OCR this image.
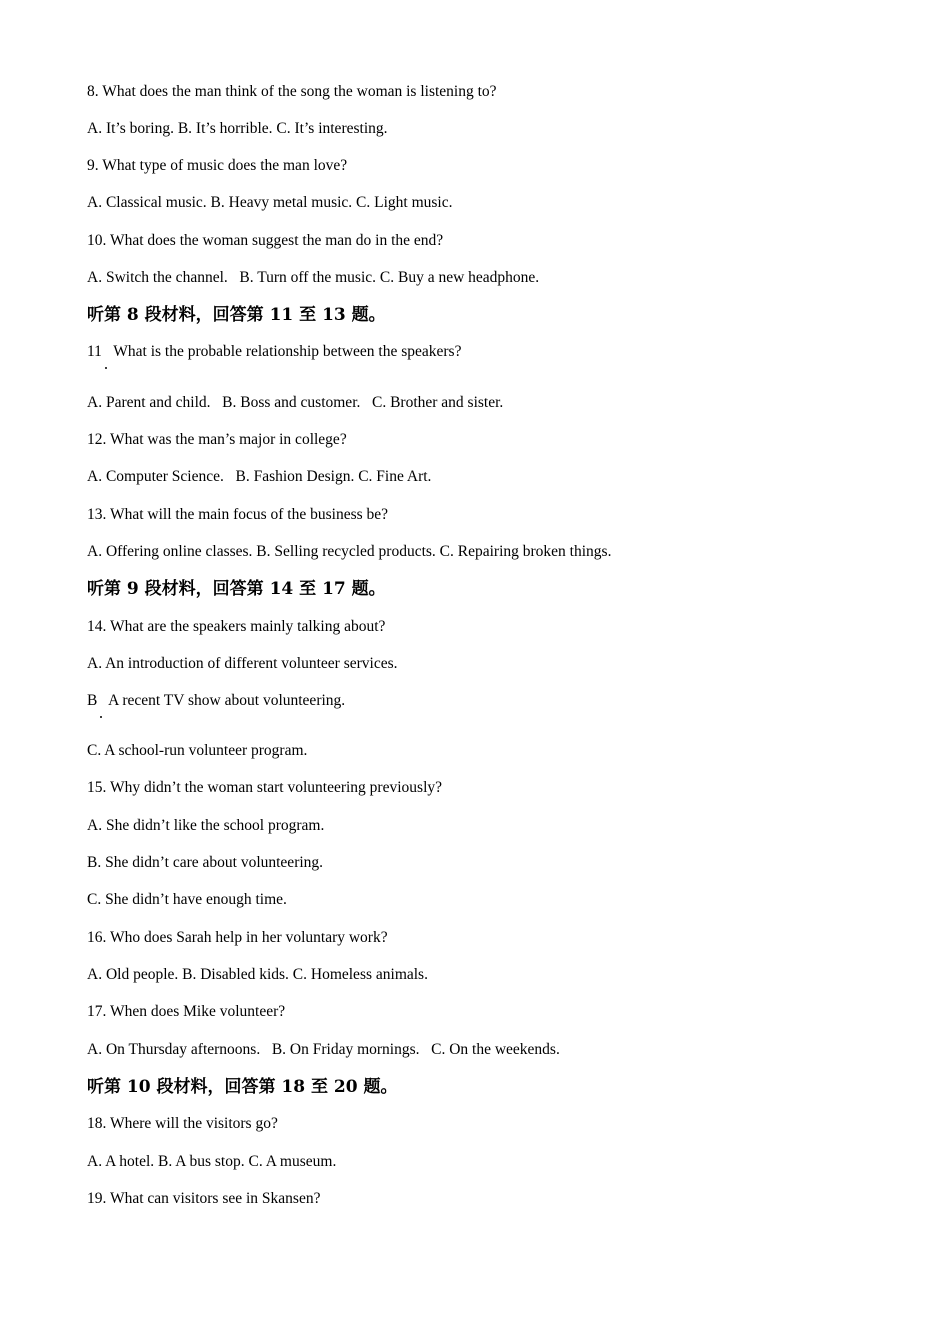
8. What does the man think of the song the woman is listening to?
A. It’s boring. B. It’s horrible. C. It’s interesting.
9. What type of music does the man love?
A. Classical music. B. Heavy metal music. C. Light music.
10. What does the woman suggest the man do in the end?
A. Switch the channel.   B. Turn off the music. C. Buy a new headphone.
听第 8 段材料，回答第 11 至 13 题。
11   What is the probable relationship between the speakers?
A. Parent and child.   B. Boss and customer.   C. Brother and sister.
12. What was the man’s major in college?
A. Computer Science.   B. Fashion Design. C. Fine Art.
13. What will the main focus of the business be?
A. Offering online classes. B. Selling recycled products. C. Repairing broken things.
听第 9 段材料，回答第 14 至 17 题。
14. What are the speakers mainly talking about?
A. An introduction of different volunteer services.
B   A recent TV show about volunteering.
C. A school-run volunteer program.
15. Why didn’t the woman start volunteering previously?
A. She didn’t like the school program.
B. She didn’t care about volunteering.
C. She didn’t have enough time.
16. Who does Sarah help in her voluntary work?
A. Old people. B. Disabled kids. C. Homeless animals.
17. When does Mike volunteer?
A. On Thursday afternoons.   B. On Friday mornings.   C. On the weekends.
听第 10 段材料，回答第 18 至 20 题。
18. Where will the visitors go?
A. A hotel. B. A bus stop. C. A museum.
19. What can visitors see in Skansen?
